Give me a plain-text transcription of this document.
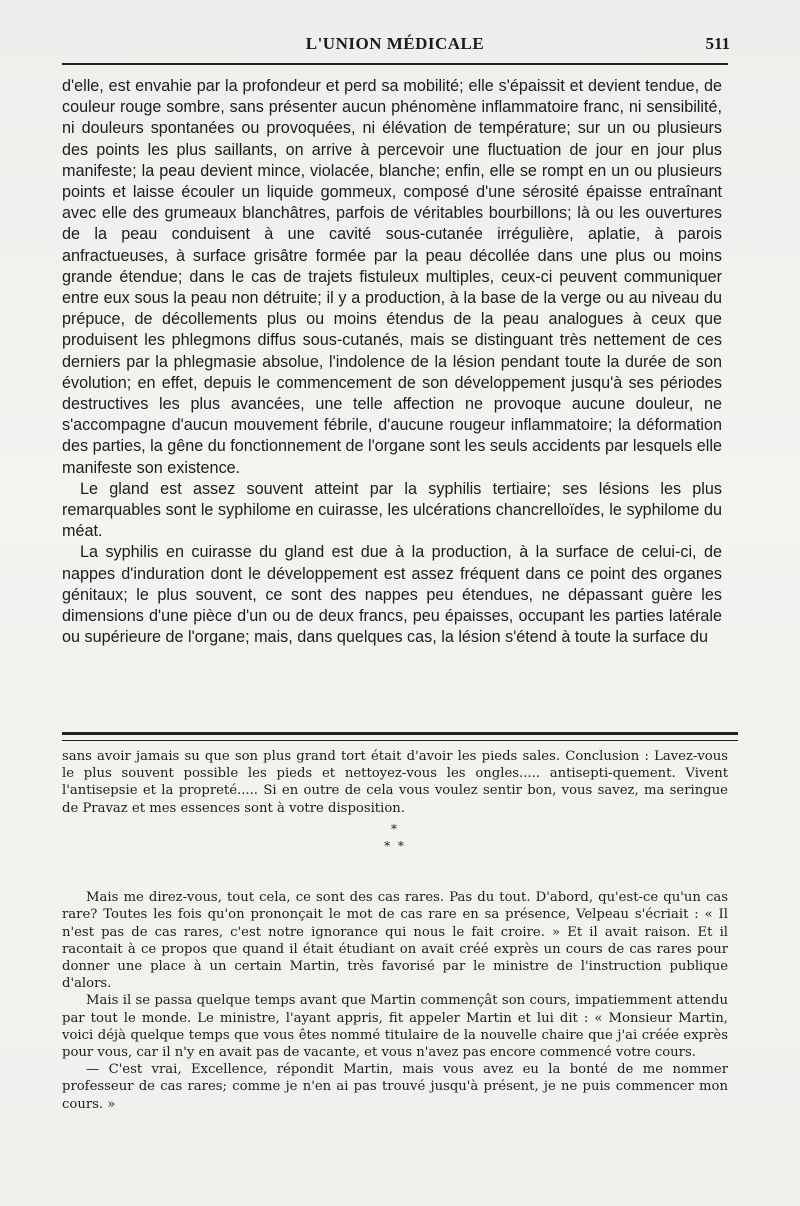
L'UNION MÉDICALE	511

d'elle, est envahie par la profondeur et perd sa mobilité; elle s'épaissit et devient tendue, de couleur rouge sombre, sans présenter aucun phénomène inflammatoire franc, ni sensibilité, ni douleurs spontanées ou provoquées, ni élévation de température; sur un ou plusieurs des points les plus saillants, on arrive à percevoir une fluctuation de jour en jour plus manifeste; la peau devient mince, violacée, blanche; enfin, elle se rompt en un ou plusieurs points et laisse écouler un liquide gommeux, composé d'une sérosité épaisse entraînant avec elle des grumeaux blanchâtres, parfois de véritables bourbillons; là ou les ouvertures de la peau conduisent à une cavité sous-cutanée irrégulière, aplatie, à parois anfractueuses, à surface grisâtre formée par la peau décollée dans une plus ou moins grande étendue; dans le cas de trajets fistuleux multiples, ceux-ci peuvent communiquer entre eux sous la peau non détruite; il y a production, à la base de la verge ou au niveau du prépuce, de décollements plus ou moins étendus de la peau analogues à ceux que produisent les phlegmons diffus sous-cutanés, mais se distinguant très nettement de ces derniers par la phlegmasie absolue, l'indolence de la lésion pendant toute la durée de son évolution; en effet, depuis le commencement de son développement jusqu'à ses périodes destructives les plus avancées, une telle affection ne provoque aucune douleur, ne s'accompagne d'aucun mouvement fébrile, d'aucune rougeur inflammatoire; la déformation des parties, la gêne du fonctionnement de l'organe sont les seuls accidents par lesquels elle manifeste son existence.

Le gland est assez souvent atteint par la syphilis tertiaire; ses lésions les plus remarquables sont le syphilome en cuirasse, les ulcérations chancrelloïdes, le syphilome du méat.

La syphilis en cuirasse du gland est due à la production, à la surface de celui-ci, de nappes d'induration dont le développement est assez fréquent dans ce point des organes génitaux; le plus souvent, ce sont des nappes peu étendues, ne dépassant guère les dimensions d'une pièce d'un ou de deux francs, peu épaisses, occupant les parties latérale ou supérieure de l'organe; mais, dans quelques cas, la lésion s'étend à toute la surface du

sans avoir jamais su que son plus grand tort était d'avoir les pieds sales. Conclusion : Lavez-vous le plus souvent possible les pieds et nettoyez-vous les ongles..... antisepti-quement. Vivent l'antisepsie et la propreté..... Si en outre de cela vous voulez sentir bon, vous savez, ma seringue de Pravaz et mes essences sont à votre disposition.

*
* *

Mais me direz-vous, tout cela, ce sont des cas rares. Pas du tout. D'abord, qu'est-ce qu'un cas rare? Toutes les fois qu'on prononçait le mot de cas rare en sa présence, Velpeau s'écriait : « Il n'est pas de cas rares, c'est notre ignorance qui nous le fait croire. » Et il avait raison. Et il racontait à ce propos que quand il était étudiant on avait créé exprès un cours de cas rares pour donner une place à un certain Martin, très favorisé par le ministre de l'instruction publique d'alors.

Mais il se passa quelque temps avant que Martin commençât son cours, impatiemment attendu par tout le monde. Le ministre, l'ayant appris, fit appeler Martin et lui dit : « Monsieur Martin, voici déjà quelque temps que vous êtes nommé titulaire de la nouvelle chaire que j'ai créée exprès pour vous, car il n'y en avait pas de vacante, et vous n'avez pas encore commencé votre cours.

— C'est vrai, Excellence, répondit Martin, mais vous avez eu la bonté de me nommer professeur de cas rares; comme je n'en ai pas trouvé jusqu'à présent, je ne puis commencer mon cours. »
